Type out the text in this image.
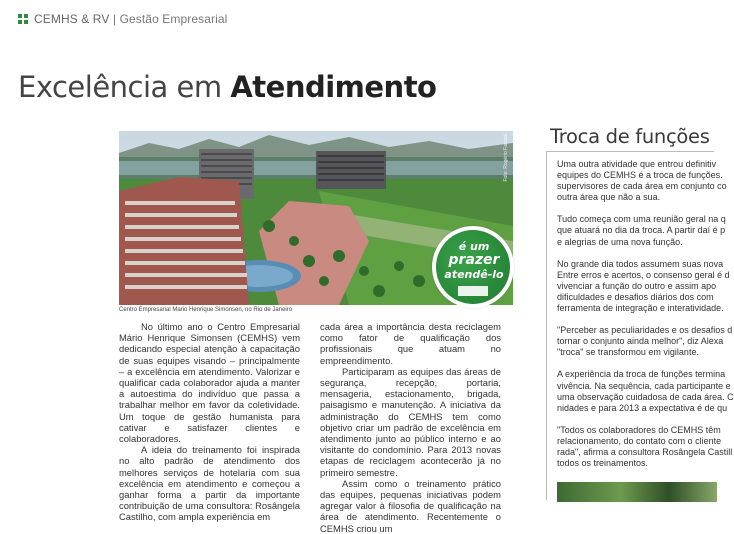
CEMHS & RV | Gestão Empresarial
Excelência em Atendimento
Foto: Rogério Faissal
é um
prazer
atendê-lo
Centro Empresarial Mario Henrique Simonsen, no Rio de Janeiro

No último ano o Centro Empresarial Mário Henrique Simonsen (CEMHS) vem dedicando especial atenção à capacitação de suas equipes visando – principalmente – a excelência em atendimento. Valorizar e qualificar cada colaborador ajuda a manter a autoestima do indivíduo que passa a trabalhar melhor em favor da coletividade. Um toque de gestão humanista para cativar e satisfazer clientes e colaboradores.

A ideia do treinamento foi inspirada no alto padrão de atendimento dos melhores serviços de hotelaria com sua excelência em atendimento e começou a ganhar forma a partir da importante contribuição de uma consultora: Rosângela Castilho, com ampla experiência em

cada área a importância desta reciclagem como fator de qualificação dos profissionais que atuam no empreendimento.

Participaram as equipes das áreas de segurança, recepção, portaria, mensageria, estacionamento, brigada, paisagismo e manutenção. A iniciativa da administração do CEMHS tem como objetivo criar um padrão de excelência em atendimento junto ao público interno e ao visitante do condomínio. Para 2013 novas etapas de reciclagem acontecerão já no primeiro semestre.

Assim como o treinamento prático das equipes, pequenas iniciativas podem agregar valor à filosofia de qualificação na área de atendimento. Recentemente o CEMHS criou um

Troca de funções

Uma outra atividade que entrou definitiv
equipes do CEMHS é a troca de funções.
supervisores de cada área em conjunto co
outra área que não a sua.

Tudo começa com uma reunião geral na q
que atuará no dia da troca. A partir daí é p
e alegrias de uma nova função.

No grande dia todos assumem suas nova
Entre erros e acertos, o consenso geral é d
vivenciar a função do outro e assim apo
dificuldades e desafios diários dos com
ferramenta de integração e interatividade.

"Perceber as peculiaridades e os desafios d
tornar o conjunto ainda melhor", diz Alexa
"troca" se transformou em vigilante.

A experiência da troca de funções termina
vivência. Na sequência, cada participante e
uma observação cuidadosa de cada área. C
nidades e para 2013 a expectativa é de qu

"Todos os colaboradores do CEMHS têm
relacionamento, do contato com o cliente
rada", afirma a consultora Rosângela Castill
todos os treinamentos.
